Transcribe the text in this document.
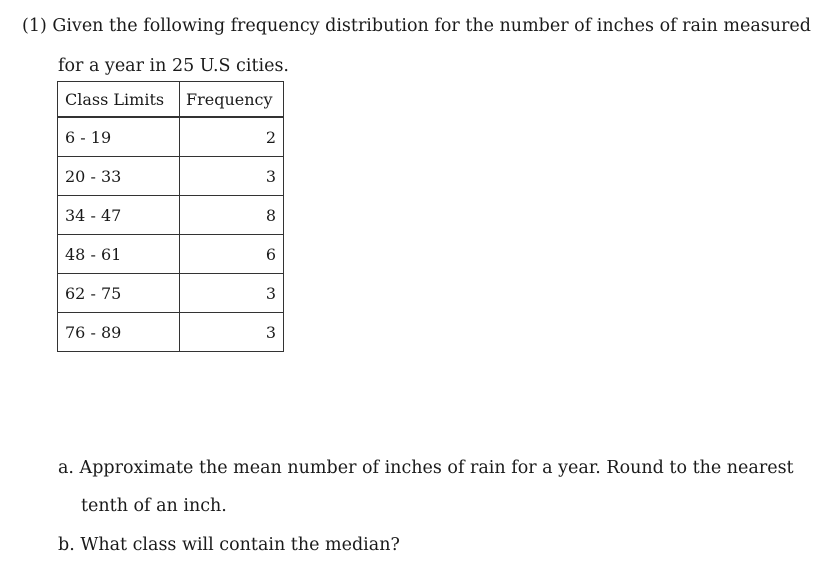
(1) Given the following frequency distribution for the number of inches of rain measured
for a year in 25 U.S cities.
Class Limits	Frequency
6 - 19	2
20 - 33	3
34 - 47	8
48 - 61	6
62 - 75	3
76 - 89	3
a. Approximate the mean number of inches of rain for a year. Round to the nearest
tenth of an inch.
b. What class will contain the median?
